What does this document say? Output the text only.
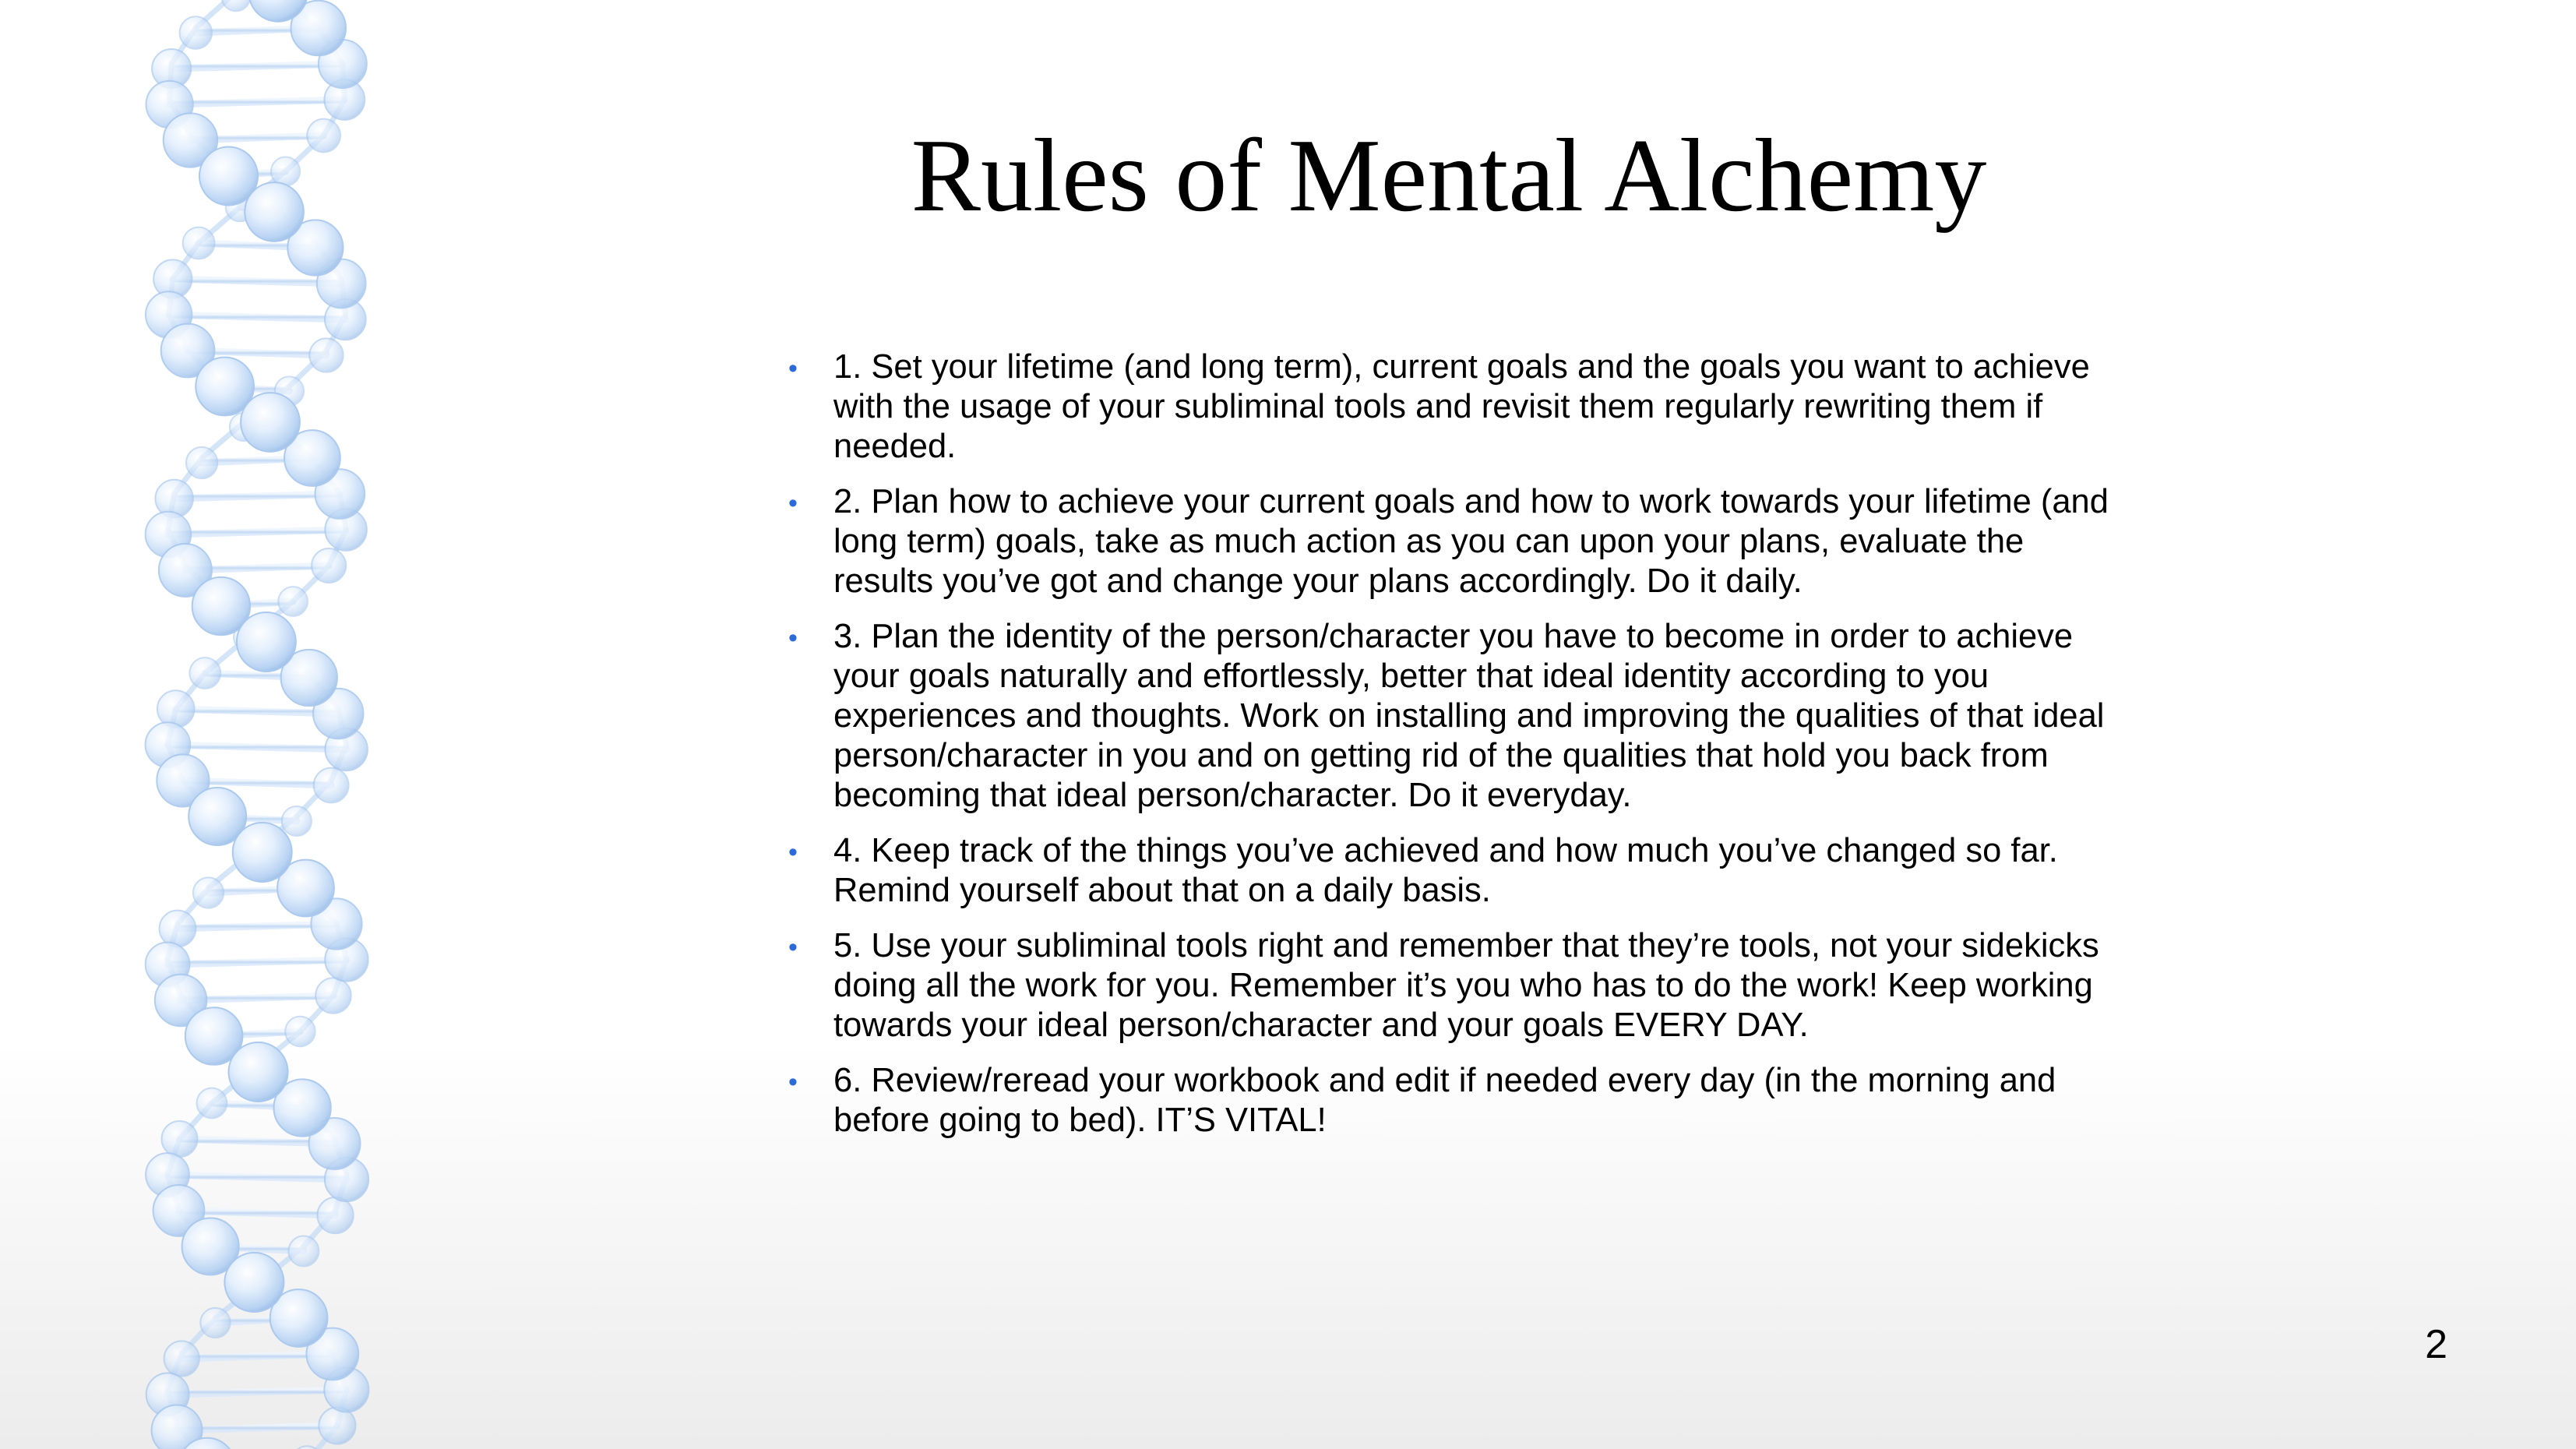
Rules of Mental Alchemy
• 1. Set your lifetime (and long term), current goals and the goals you want to achieve with the usage of your subliminal tools and revisit them regularly rewriting them if needed.
• 2. Plan how to achieve your current goals and how to work towards your lifetime (and long term) goals, take as much action as you can upon your plans, evaluate the results you’ve got and change your plans accordingly. Do it daily.
• 3. Plan the identity of the person/character you have to become in order to achieve your goals naturally and effortlessly, better that ideal identity according to you experiences and thoughts. Work on installing and improving the qualities of that ideal person/character in you and on getting rid of the qualities that hold you back from becoming that ideal person/character. Do it everyday.
• 4. Keep track of the things you’ve achieved and how much you’ve changed so far. Remind yourself about that on a daily basis.
• 5. Use your subliminal tools right and remember that they’re tools, not your sidekicks doing all the work for you. Remember it’s you who has to do the work! Keep working towards your ideal person/character and your goals EVERY DAY.
• 6. Review/reread your workbook and edit if needed every day (in the morning and before going to bed). IT’S VITAL!
2
